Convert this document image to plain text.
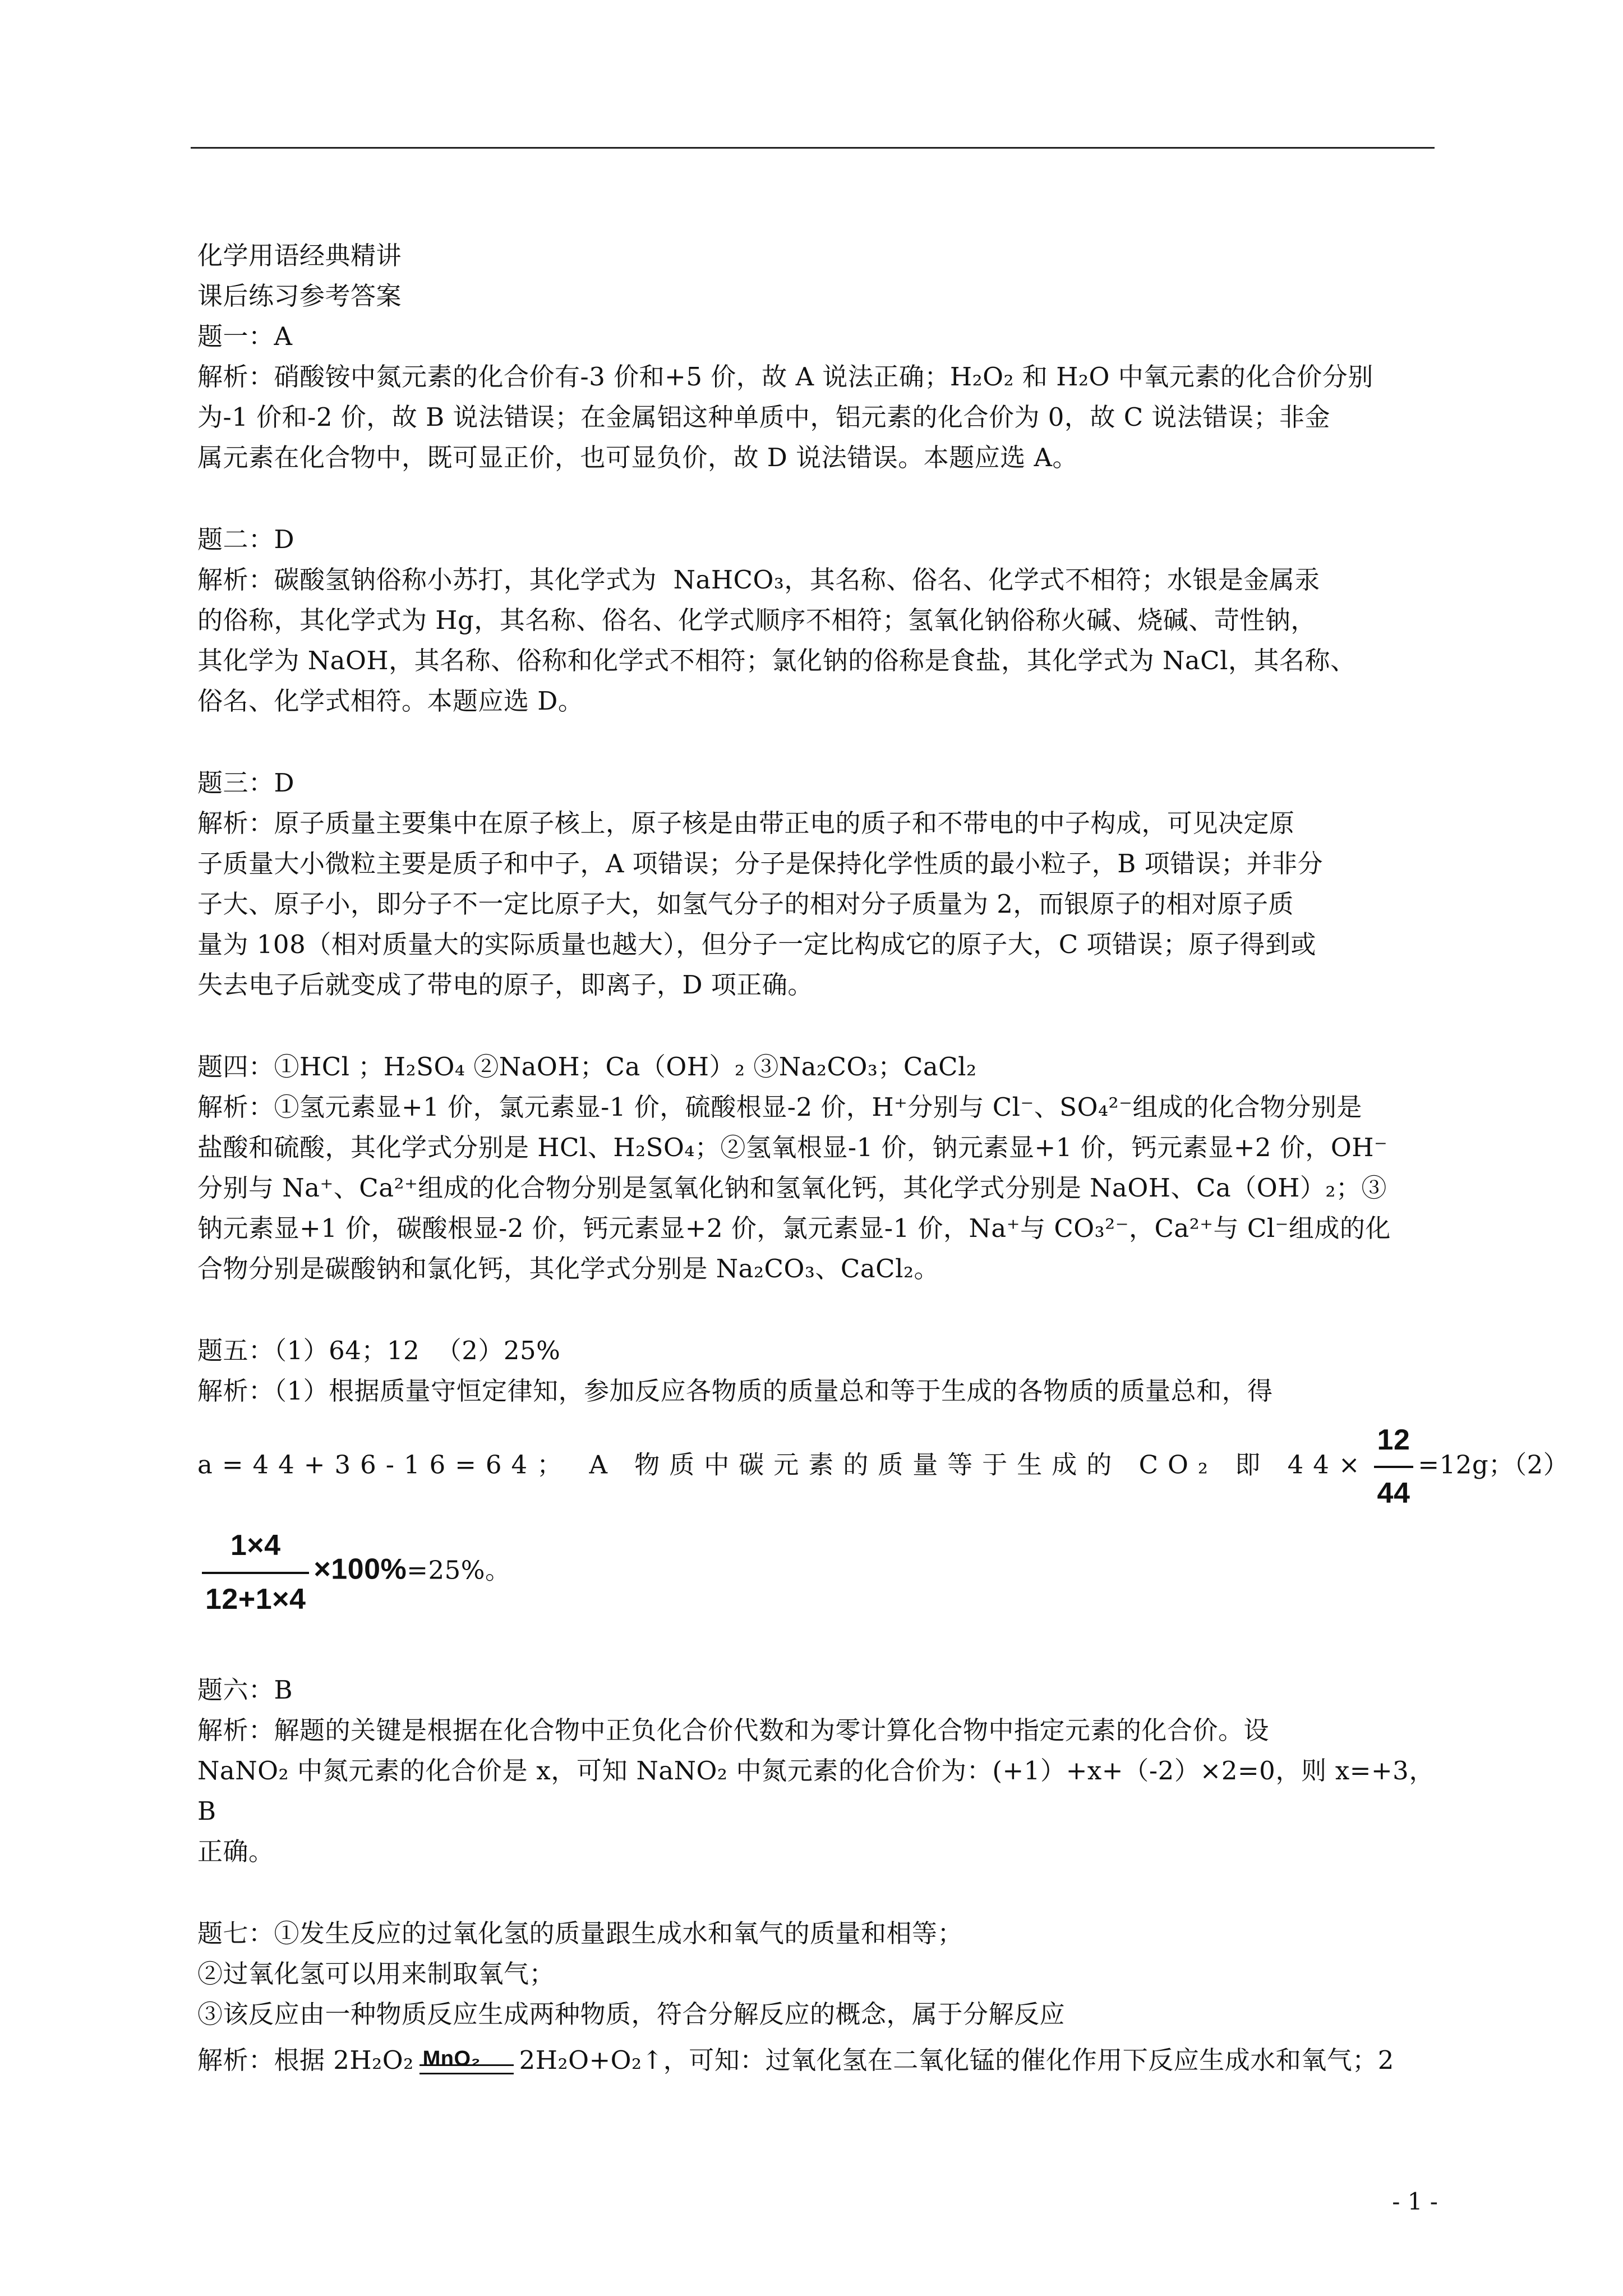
化学用语经典精讲
课后练习参考答案
题一：A
解析：硝酸铵中氮元素的化合价有-3 价和+5 价，故 A 说法正确；H₂O₂ 和 H₂O 中氧元素的化合价分别
为-1 价和-2 价，故 B 说法错误；在金属铝这种单质中，铝元素的化合价为 0，故 C 说法错误；非金
属元素在化合物中，既可显正价，也可显负价，故 D 说法错误。本题应选 A。
题二：D
解析：碳酸氢钠俗称小苏打，其化学式为  NaHCO₃，其名称、俗名、化学式不相符；水银是金属汞
的俗称，其化学式为 Hg，其名称、俗名、化学式顺序不相符；氢氧化钠俗称火碱、烧碱、苛性钠，
其化学为 NaOH，其名称、俗称和化学式不相符；氯化钠的俗称是食盐，其化学式为 NaCl，其名称、
俗名、化学式相符。本题应选 D。
题三：D
解析：原子质量主要集中在原子核上，原子核是由带正电的质子和不带电的中子构成，可见决定原
子质量大小微粒主要是质子和中子，A 项错误；分子是保持化学性质的最小粒子，B 项错误；并非分
子大、原子小，即分子不一定比原子大，如氢气分子的相对分子质量为 2，而银原子的相对原子质
量为 108（相对质量大的实际质量也越大），但分子一定比构成它的原子大，C 项错误；原子得到或
失去电子后就变成了带电的原子，即离子，D 项正确。
题四：①HCl ；H₂SO₄ ②NaOH；Ca（OH）₂ ③Na₂CO₃；CaCl₂
解析：①氢元素显+1 价，氯元素显-1 价，硫酸根显-2 价，H⁺分别与 Cl⁻、SO₄²⁻组成的化合物分别是
盐酸和硫酸，其化学式分别是 HCl、H₂SO₄；②氢氧根显-1 价，钠元素显+1 价，钙元素显+2 价，OH⁻
分别与 Na⁺、Ca²⁺组成的化合物分别是氢氧化钠和氢氧化钙，其化学式分别是 NaOH、Ca（OH）₂；③
钠元素显+1 价，碳酸根显-2 价，钙元素显+2 价，氯元素显-1 价，Na⁺与 CO₃²⁻，Ca²⁺与 Cl⁻组成的化
合物分别是碳酸钠和氯化钙，其化学式分别是 Na₂CO₃、CaCl₂。
题五：（1）64；12  （2）25%
解析：（1）根据质量守恒定律知，参加反应各物质的质量总和等于生成的各物质的质量总和，得
a=44+36-16=64； A 物质中碳元素的质量等于生成的 CO₂ 即 $44\times \frac{12}{44} =12g$；（2）
$\frac{1\times 4}{12+1\times 4} \times 100\%=25\%$。
题六：B
解析：解题的关键是根据在化合物中正负化合价代数和为零计算化合物中指定元素的化合价。设
NaNO₂ 中氮元素的化合价是 x，可知 NaNO₂ 中氮元素的化合价为：(+1）+x+（-2）×2=0，则 x=+3，B
正确。
题七：①发生反应的过氧化氢的质量跟生成水和氧气的质量和相等；
②过氧化氢可以用来制取氧气；
③该反应由一种物质反应生成两种物质，符合分解反应的概念，属于分解反应
解析：根据 2H₂O₂ MnO₂ 2H₂O+O₂↑，可知：过氧化氢在二氧化锰的催化作用下反应生成水和氧气；2
- 1 -
